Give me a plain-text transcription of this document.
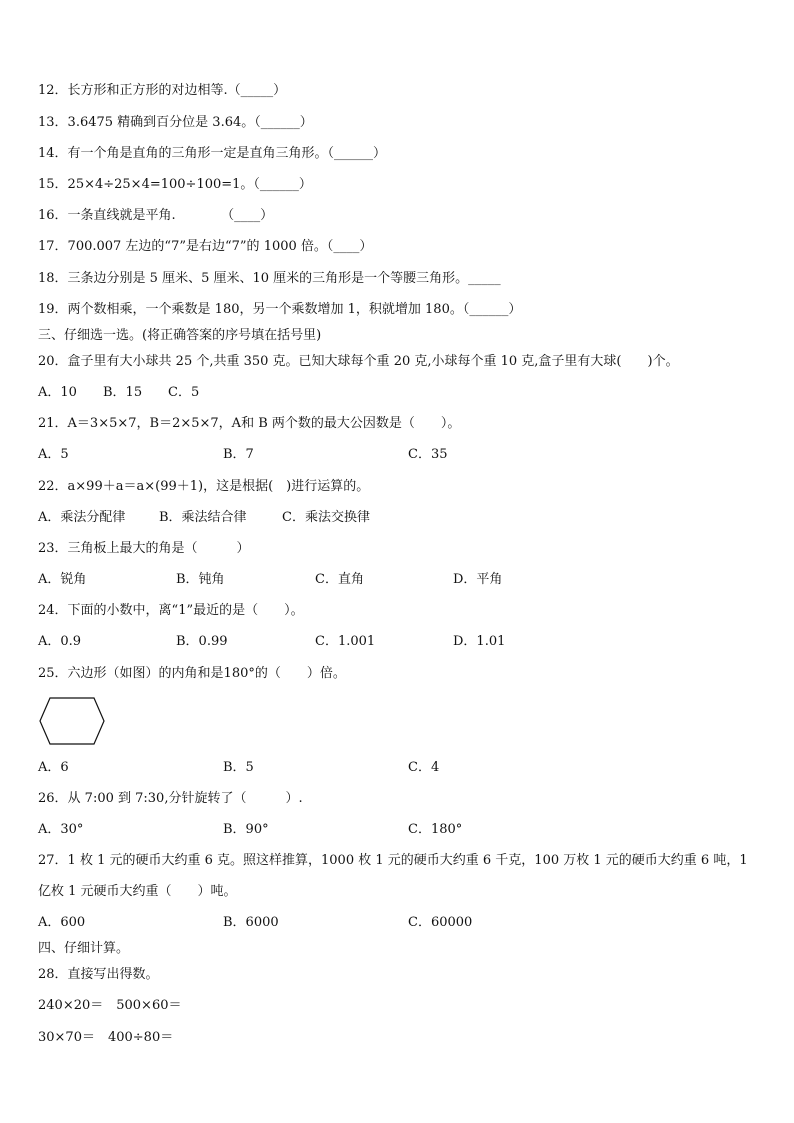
12．长方形和正方形的对边相等.（_____）
13．3.6475 精确到百分位是 3.64。（______）
14．有一个角是直角的三角形一定是直角三角形。（______）
15．25×4÷25×4=100÷100=1。（______）
16．一条直线就是平角.　　　　（____）
17．700.007 左边的“7”是右边“7”的 1000 倍。（____）
18．三条边分别是 5 厘米、5 厘米、10 厘米的三角形是一个等腰三角形。_____
19．两个数相乘，一个乘数是 180，另一个乘数增加 1，积就增加 180。（______）
三、仔细选一选。(将正确答案的序号填在括号里)
20．盒子里有大小球共 25 个,共重 350 克。已知大球每个重 20 克,小球每个重 10 克,盒子里有大球(　　)个。
A．10 B．15 C．5
21．A＝3×5×7，B＝2×5×7，A和 B 两个数的最大公因数是（　　）。
A．5	B．7	C．35
22．a×99＋a＝a×(99＋1)，这是根据(　)进行运算的。
A．乘法分配律	B．乘法结合律	C．乘法交换律
23．三角板上最大的角是（　　　）
A．锐角	B．钝角	C．直角	D．平角
24．下面的小数中，离“1”最近的是（　　）。
A．0.9	B．0.99	C．1.001	D．1.01
25．六边形（如图）的内角和是180°的（　　）倍。
A．6	B．5	C．4
26．从 7:00 到 7:30,分针旋转了（　　　）.
A．30°	B．90°	C．180°
27．1 枚 1 元的硬币大约重 6 克。照这样推算，1000 枚 1 元的硬币大约重 6 千克，100 万枚 1 元的硬币大约重 6 吨，1
亿枚 1 元硬币大约重（　　）吨。
A．600	B．6000	C．60000
四、仔细计算。
28．直接写出得数。
240×20＝　500×60＝
30×70＝　400÷80＝
